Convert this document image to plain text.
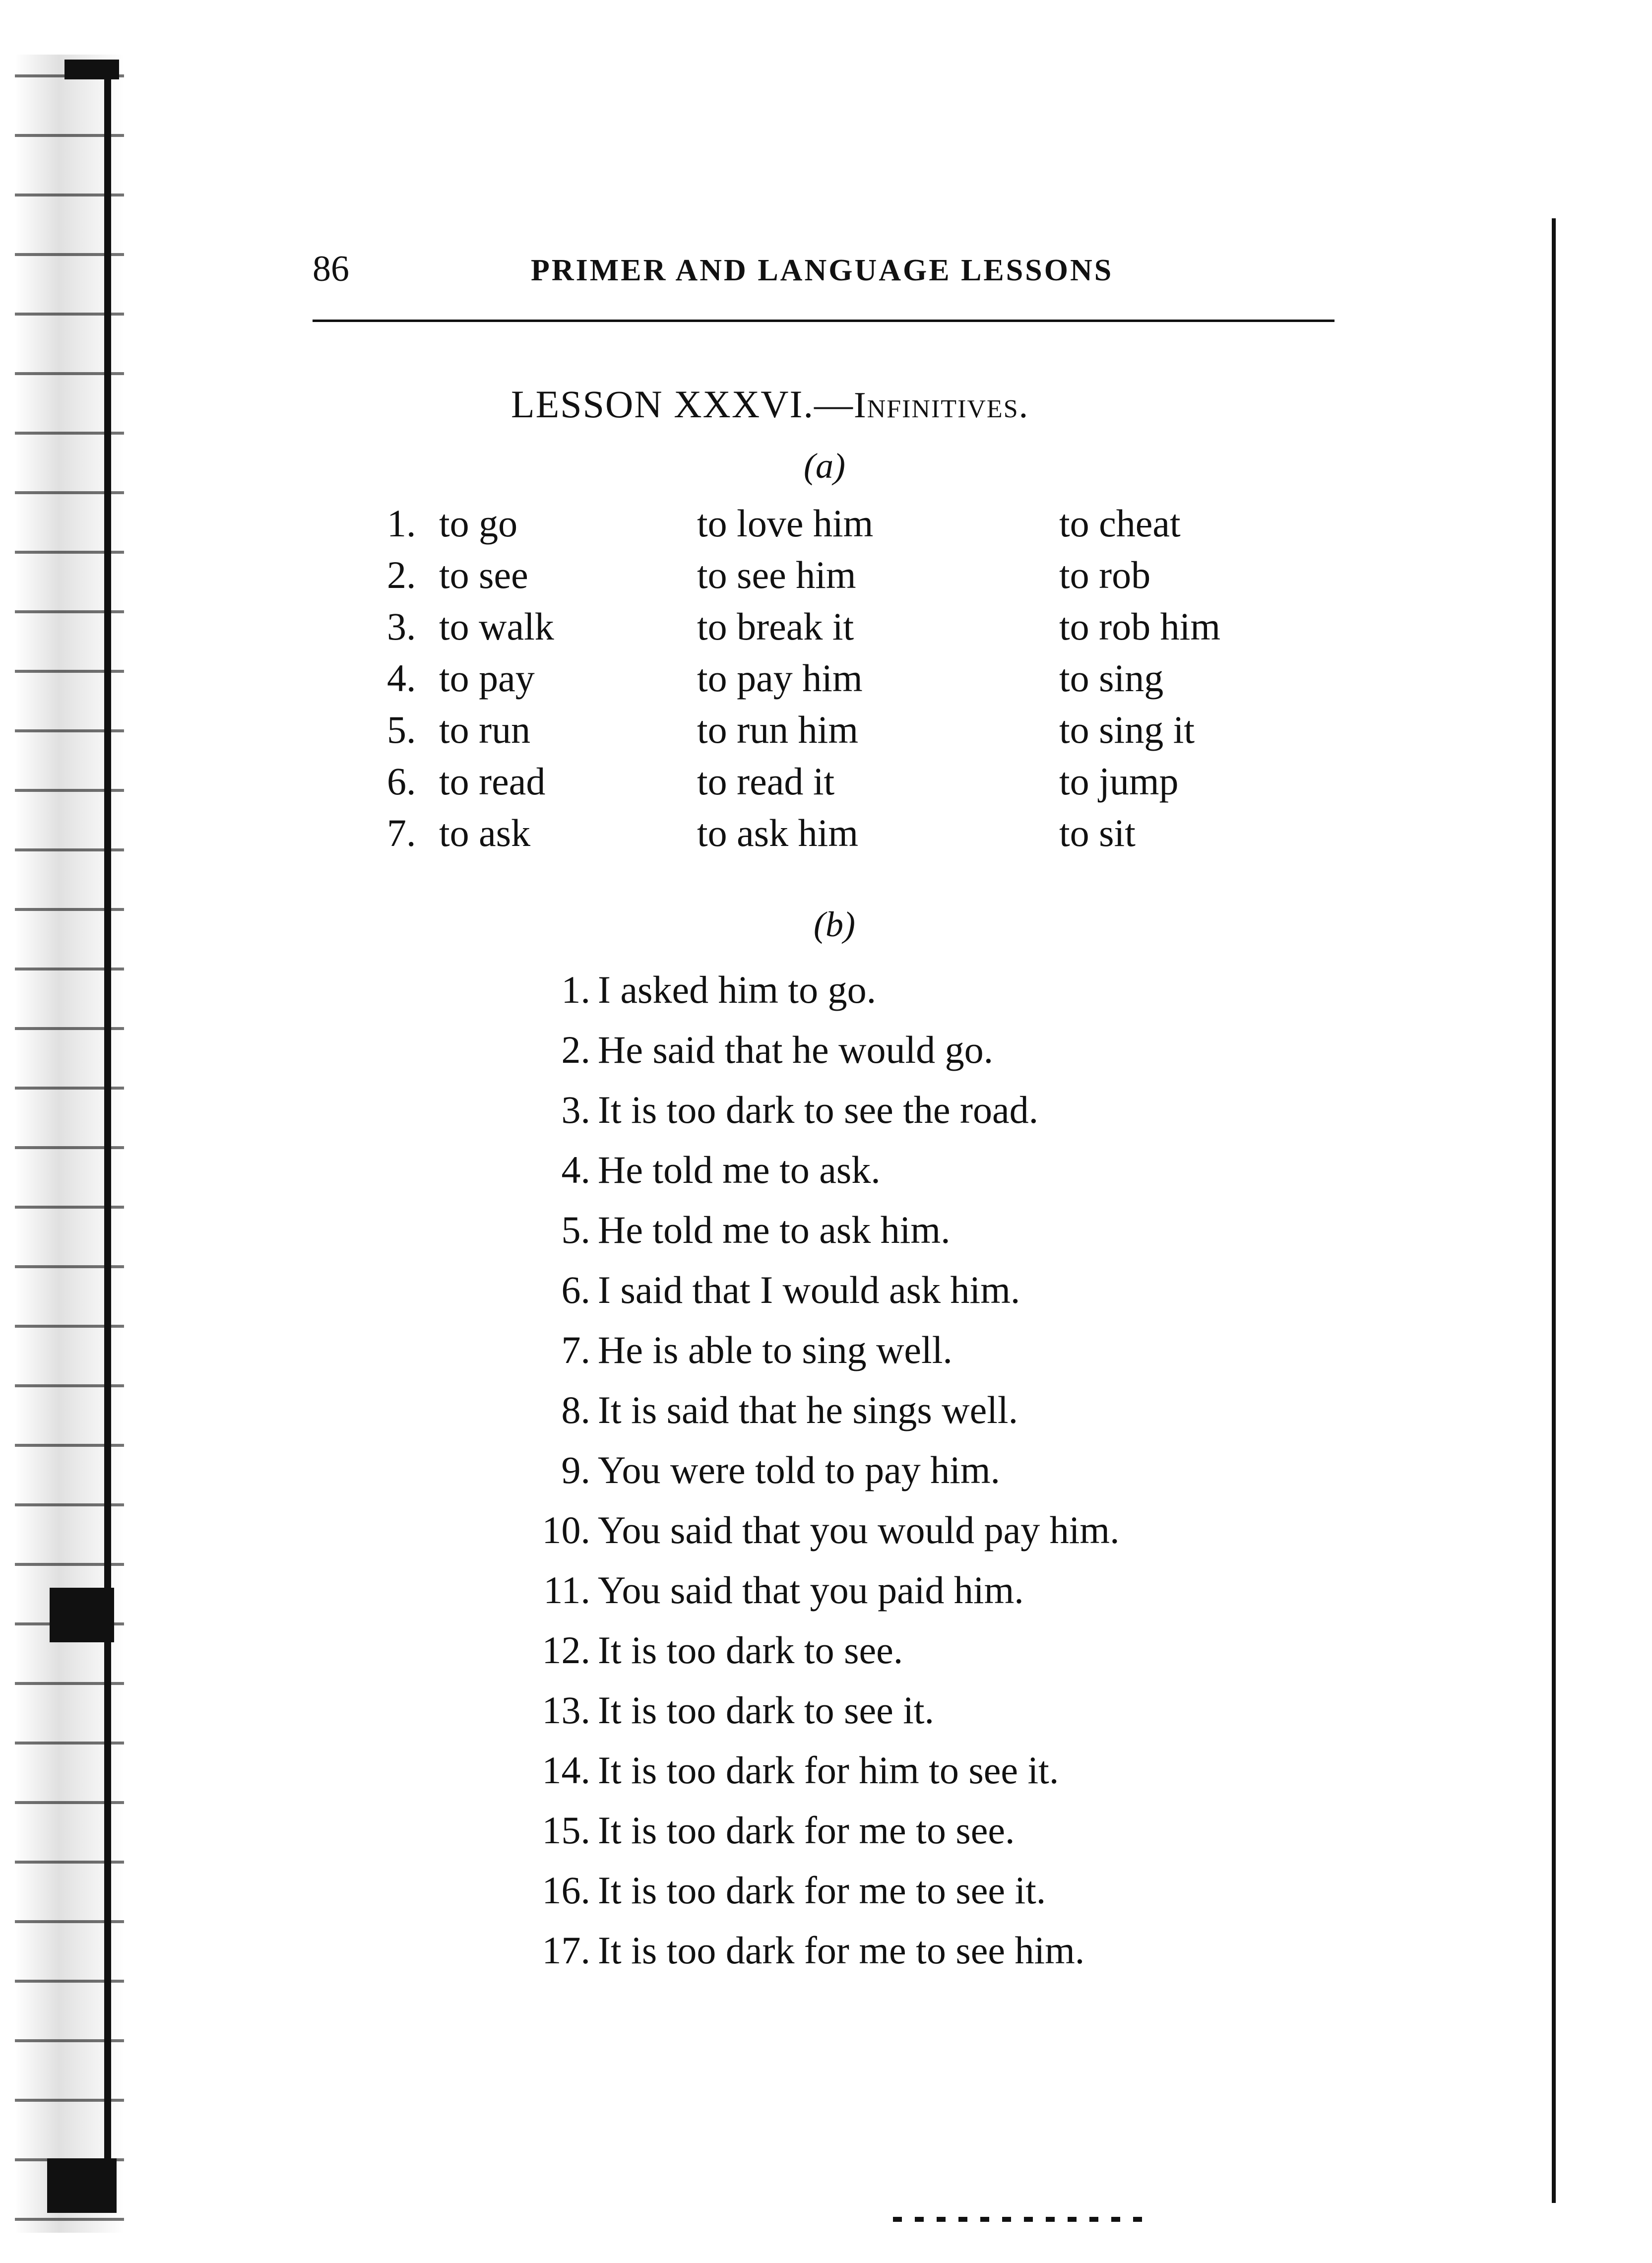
86	PRIMER AND LANGUAGE LESSONS
LESSON XXXVI.—Infinitives.
(a)
1. to go	to love him	to cheat
2. to see	to see him	to rob
3. to walk	to break it	to rob him
4. to pay	to pay him	to sing
5. to run	to run him	to sing it
6. to read	to read it	to jump
7. to ask	to ask him	to sit
(b)
1. I asked him to go.
2. He said that he would go.
3. It is too dark to see the road.
4. He told me to ask.
5. He told me to ask him.
6. I said that I would ask him.
7. He is able to sing well.
8. It is said that he sings well.
9. You were told to pay him.
10. You said that you would pay him.
11. You said that you paid him.
12. It is too dark to see.
13. It is too dark to see it.
14. It is too dark for him to see it.
15. It is too dark for me to see.
16. It is too dark for me to see it.
17. It is too dark for me to see him.
